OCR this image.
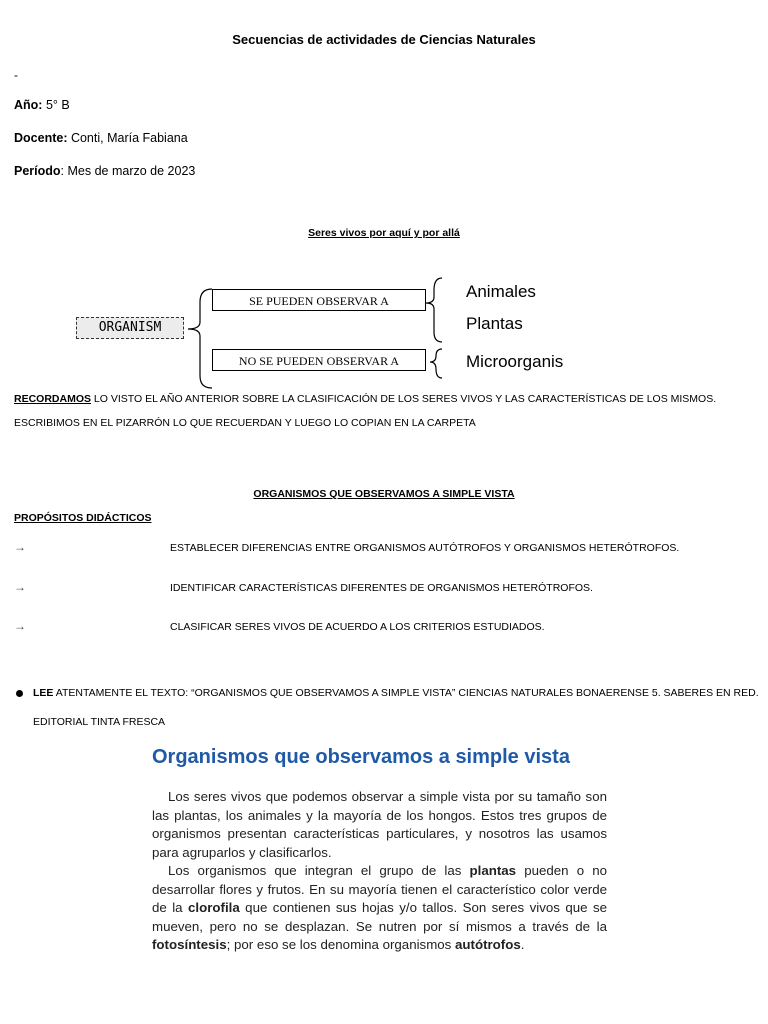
Secuencias de actividades de Ciencias Naturales
-
Año: 5° B
Docente: Conti, María Fabiana
Período: Mes de marzo de 2023
Seres vivos por aquí y por allá
ORGANISM
SE PUEDEN OBSERVAR A
NO SE PUEDEN OBSERVAR A
Animales
Plantas
Microorganis
RECORDAMOS LO VISTO EL AÑO ANTERIOR SOBRE LA CLASIFICACIÓN DE LOS SERES VIVOS Y LAS CARACTERÍSTICAS DE LOS MISMOS.
ESCRIBIMOS EN EL PIZARRÓN LO QUE RECUERDAN Y LUEGO LO COPIAN EN LA CARPETA
ORGANISMOS QUE OBSERVAMOS A SIMPLE VISTA
PROPÓSITOS DIDÁCTICOS
→	ESTABLECER DIFERENCIAS ENTRE ORGANISMOS AUTÓTROFOS Y ORGANISMOS HETERÓTROFOS.
→	IDENTIFICAR CARACTERÍSTICAS DIFERENTES DE ORGANISMOS HETERÓTROFOS.
→	CLASIFICAR SERES VIVOS DE ACUERDO A LOS CRITERIOS ESTUDIADOS.
LEE ATENTAMENTE EL TEXTO: “ORGANISMOS QUE OBSERVAMOS A SIMPLE VISTA” CIENCIAS NATURALES BONAERENSE 5. SABERES EN RED.
EDITORIAL TINTA FRESCA
Organismos que observamos a simple vista

Los seres vivos que podemos observar a simple vista por su tamaño son las plantas, los animales y la mayoría de los hongos. Estos tres grupos de organismos presentan características particulares, y nosotros las usamos para agruparlos y clasificarlos.

Los organismos que integran el grupo de las plantas pueden o no desarrollar flores y frutos. En su mayoría tienen el característico color verde de la clorofila que contienen sus hojas y/o tallos. Son seres vivos que se mueven, pero no se desplazan. Se nutren por sí mismos a través de la fotosíntesis; por eso se los denomina organismos autótrofos.
